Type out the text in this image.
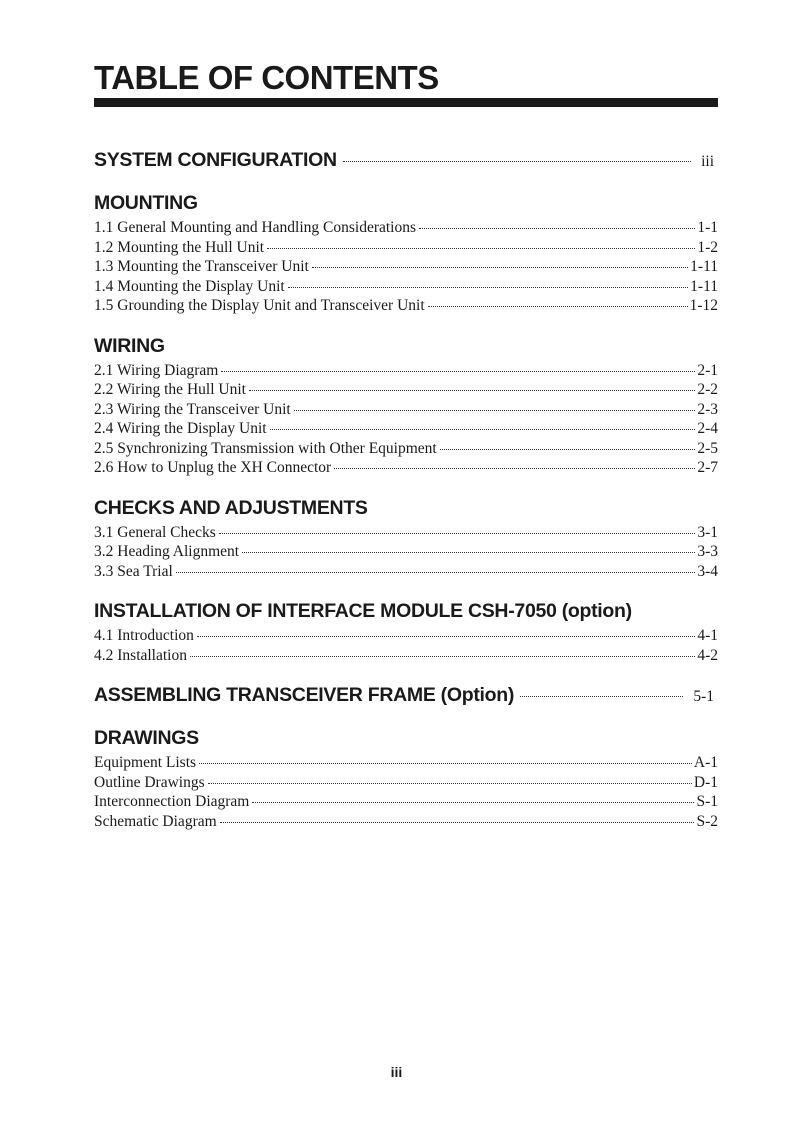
TABLE OF CONTENTS
SYSTEM CONFIGURATION	iii
MOUNTING
1.1 General Mounting and Handling Considerations	1-1
1.2 Mounting the Hull Unit	1-2
1.3 Mounting the Transceiver Unit	1-11
1.4 Mounting the Display Unit	1-11
1.5 Grounding the Display Unit and Transceiver Unit	1-12
WIRING
2.1 Wiring Diagram	2-1
2.2 Wiring the Hull Unit	2-2
2.3 Wiring the Transceiver Unit	2-3
2.4 Wiring the Display Unit	2-4
2.5 Synchronizing Transmission with Other Equipment	2-5
2.6 How to Unplug the XH Connector	2-7
CHECKS AND ADJUSTMENTS
3.1 General Checks	3-1
3.2 Heading Alignment	3-3
3.3 Sea Trial	3-4
INSTALLATION OF INTERFACE MODULE CSH-7050 (option)
4.1 Introduction	4-1
4.2 Installation	4-2
ASSEMBLING TRANSCEIVER FRAME (Option)	5-1
DRAWINGS
Equipment Lists	A-1
Outline Drawings	D-1
Interconnection Diagram	S-1
Schematic Diagram	S-2
iii
